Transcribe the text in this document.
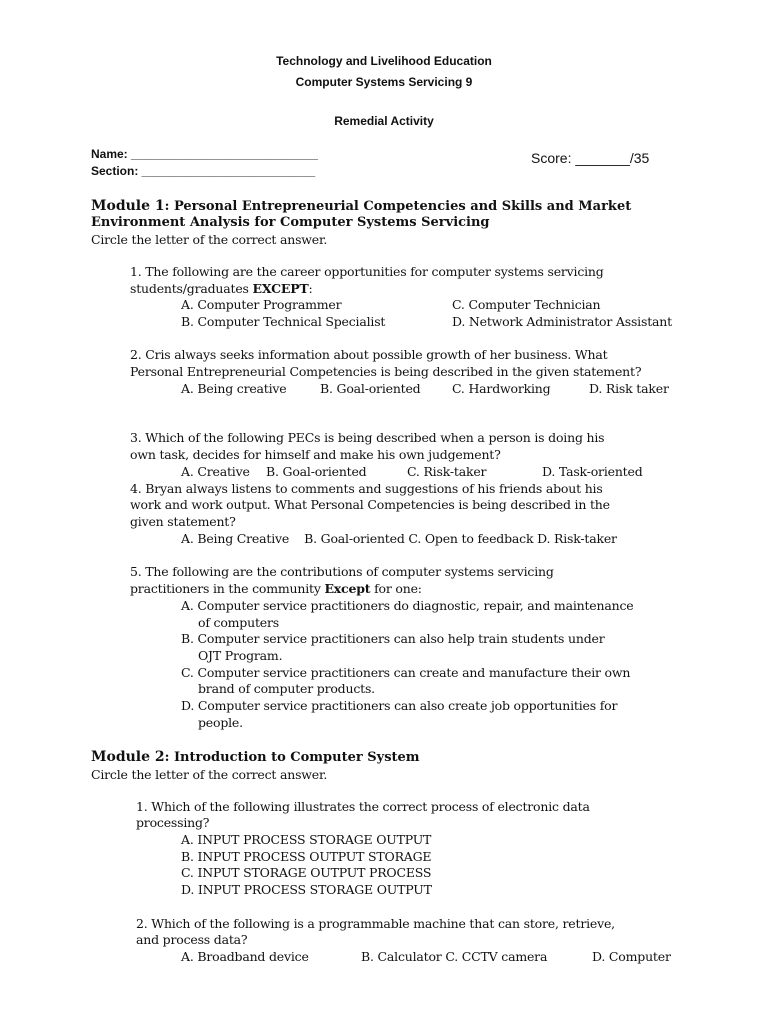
Technology and Livelihood Education
Computer Systems Servicing 9
Remedial Activity
Name: ____________________________
Section: __________________________
Score: _______/35
Module 1: Personal Entrepreneurial Competencies and Skills and Market
Environment Analysis for Computer Systems Servicing
Circle the letter of the correct answer.
1. The following are the career opportunities for computer systems servicing
students/graduates EXCEPT:
A. Computer Programmer	C. Computer Technician
B. Computer Technical Specialist	D. Network Administrator Assistant
2. Cris always seeks information about possible growth of her business. What
Personal Entrepreneurial Competencies is being described in the given statement?
A. Being creative	B. Goal-oriented	C. Hardworking	D. Risk taker
3. Which of the following PECs is being described when a person is doing his
own task, decides for himself and make his own judgement?
A. Creative B. Goal-oriented	C. Risk-taker	D. Task-oriented
4. Bryan always listens to comments and suggestions of his friends about his
work and work output. What Personal Competencies is being described in the
given statement?
A. Being Creative    B. Goal-oriented C. Open to feedback D. Risk-taker
5. The following are the contributions of computer systems servicing
practitioners in the community Except for one:
A. Computer service practitioners do diagnostic, repair, and maintenance
of computers
B. Computer service practitioners can also help train students under
OJT Program.
C. Computer service practitioners can create and manufacture their own
brand of computer products.
D. Computer service practitioners can also create job opportunities for
people.
Module 2: Introduction to Computer System
Circle the letter of the correct answer.
1. Which of the following illustrates the correct process of electronic data
processing?
A. INPUT PROCESS STORAGE OUTPUT
B. INPUT PROCESS OUTPUT STORAGE
C. INPUT STORAGE OUTPUT PROCESS
D. INPUT PROCESS STORAGE OUTPUT
2. Which of the following is a programmable machine that can store, retrieve,
and process data?
A. Broadband device	B. Calculator C. CCTV camera	D. Computer
